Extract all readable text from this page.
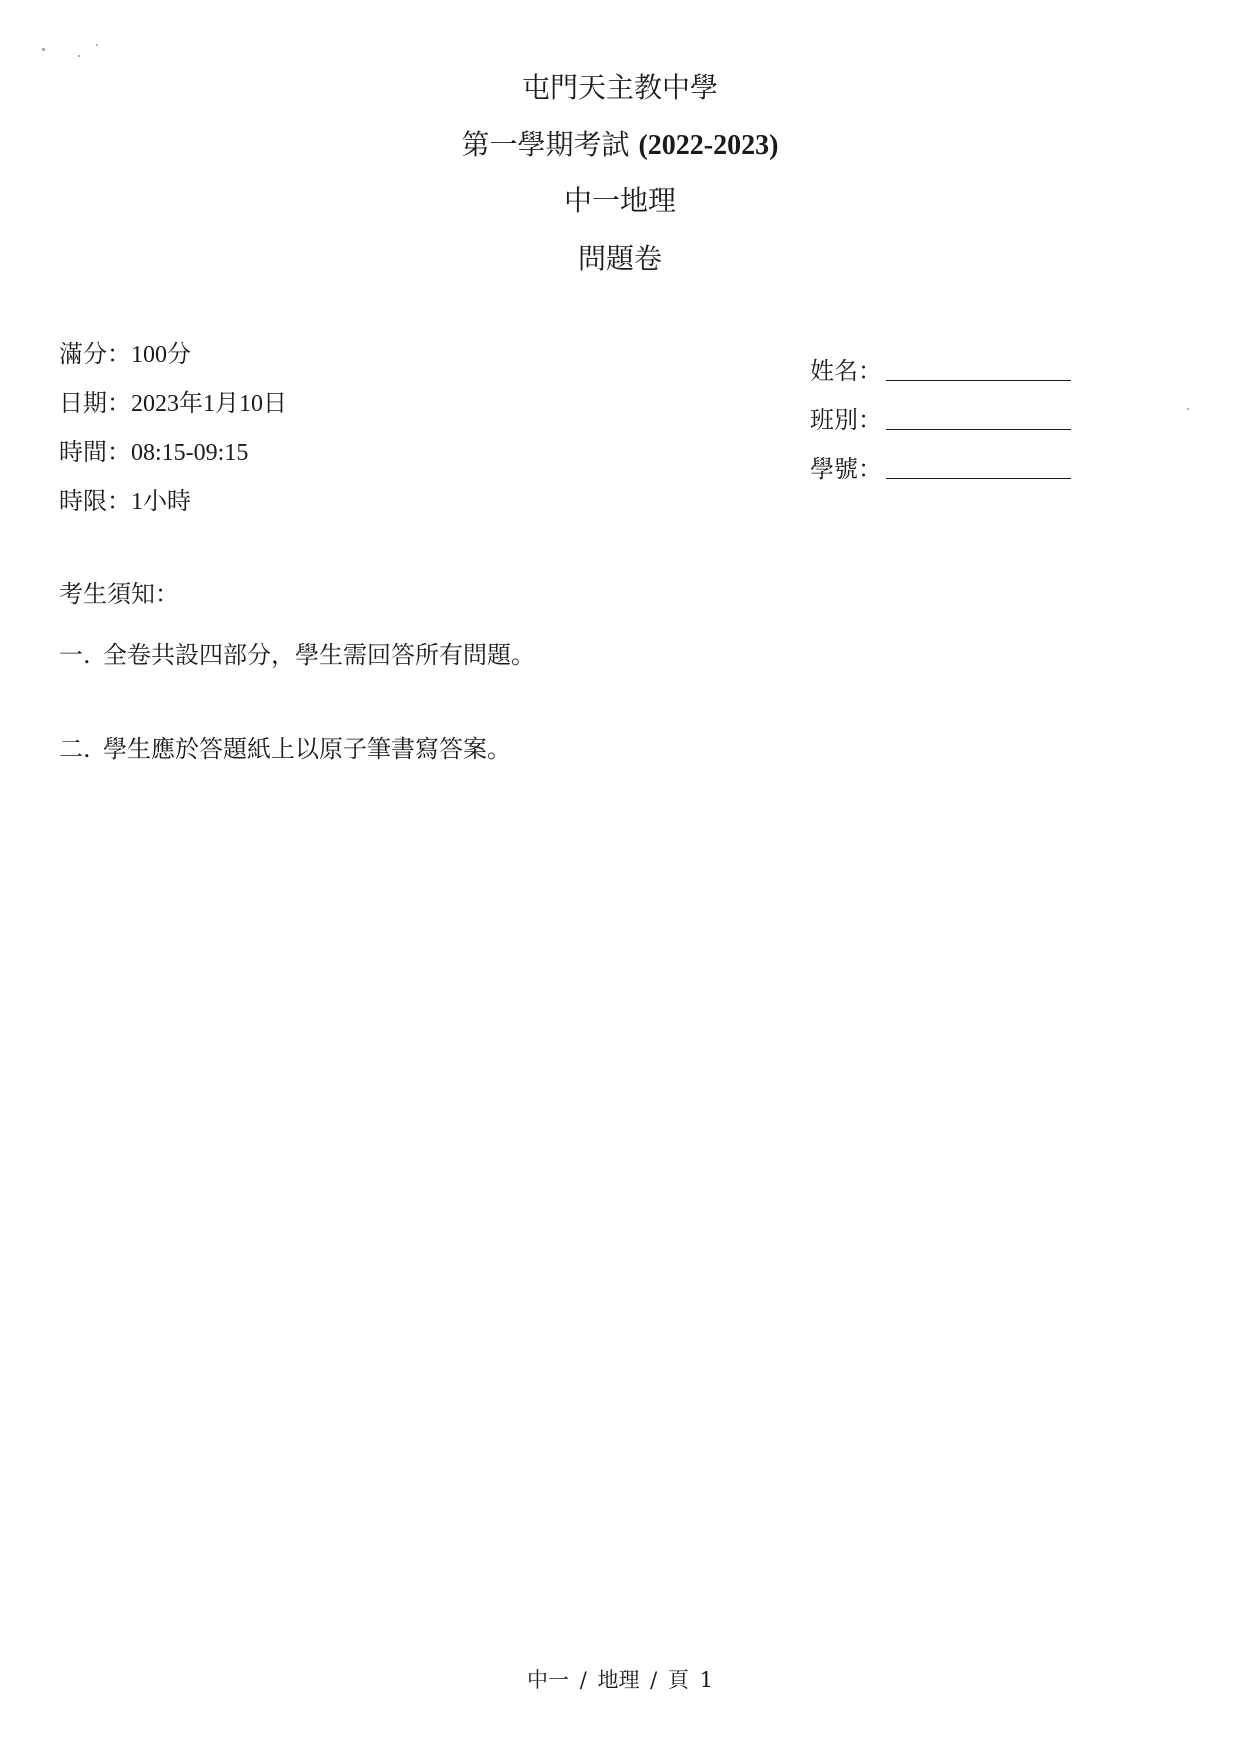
屯門天主教中學
第一學期考試 (2022-2023)
中一地理
問題卷
滿分：100分
日期：2023年1月10日
時間：08:15-09:15
時限：1小時
姓名：
班別：
學號：
考生須知：
一. 全卷共設四部分，學生需回答所有問題。
二. 學生應於答題紙上以原子筆書寫答案。
中一 / 地理 / 頁 1
